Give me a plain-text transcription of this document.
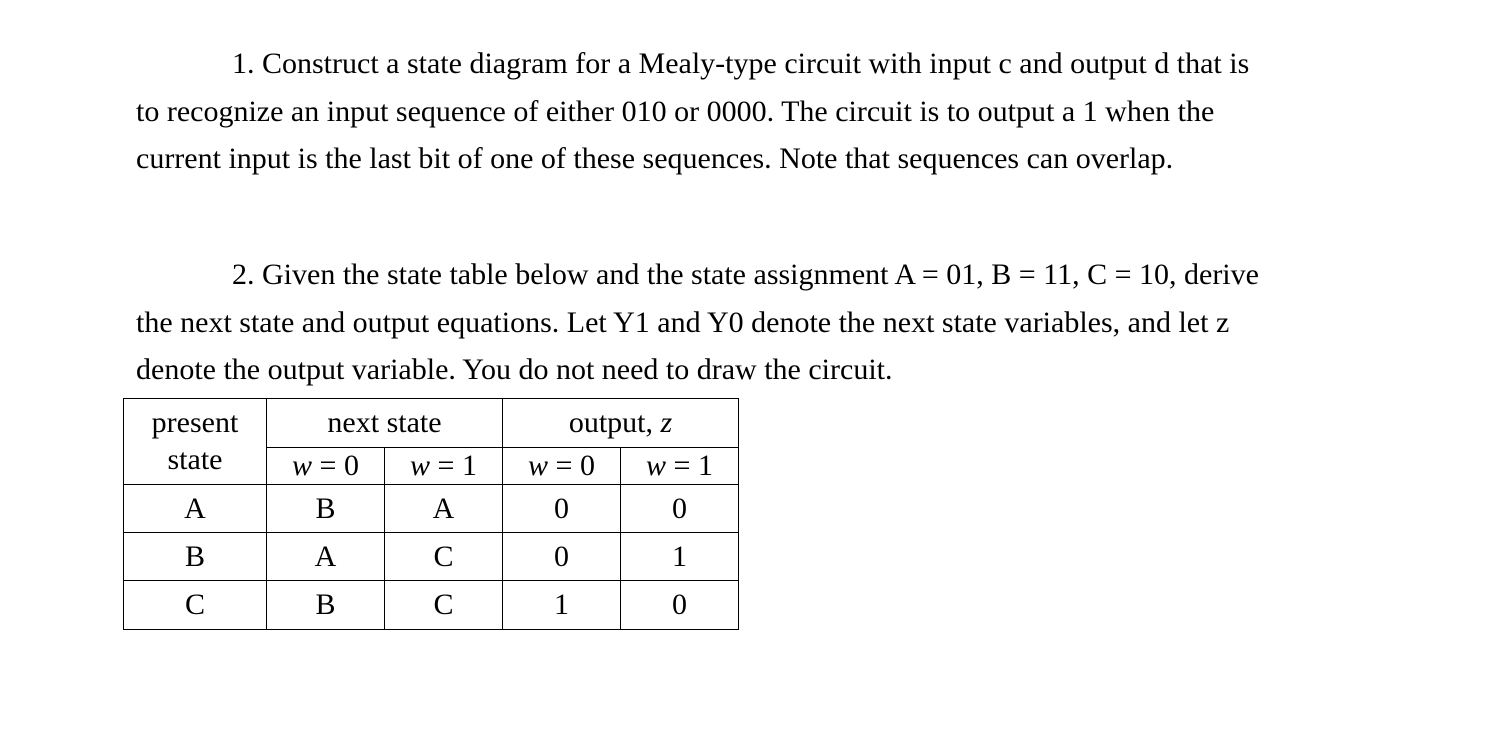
1. Construct a state diagram for a Mealy-type circuit with input c and output d that is
to recognize an input sequence of either 010 or 0000. The circuit is to output a 1 when the
current input is the last bit of one of these sequences. Note that sequences can overlap.

2. Given the state table below and the state assignment A = 01, B = 11, C = 10, derive
the next state and output equations. Let Y1 and Y0 denote the next state variables, and let z
denote the output variable. You do not need to draw the circuit.

present
state	next state		output, z	
	w = 0	w = 1	w = 0	w = 1
A	B	A	0	0
B	A	C	0	1
C	B	C	1	0
